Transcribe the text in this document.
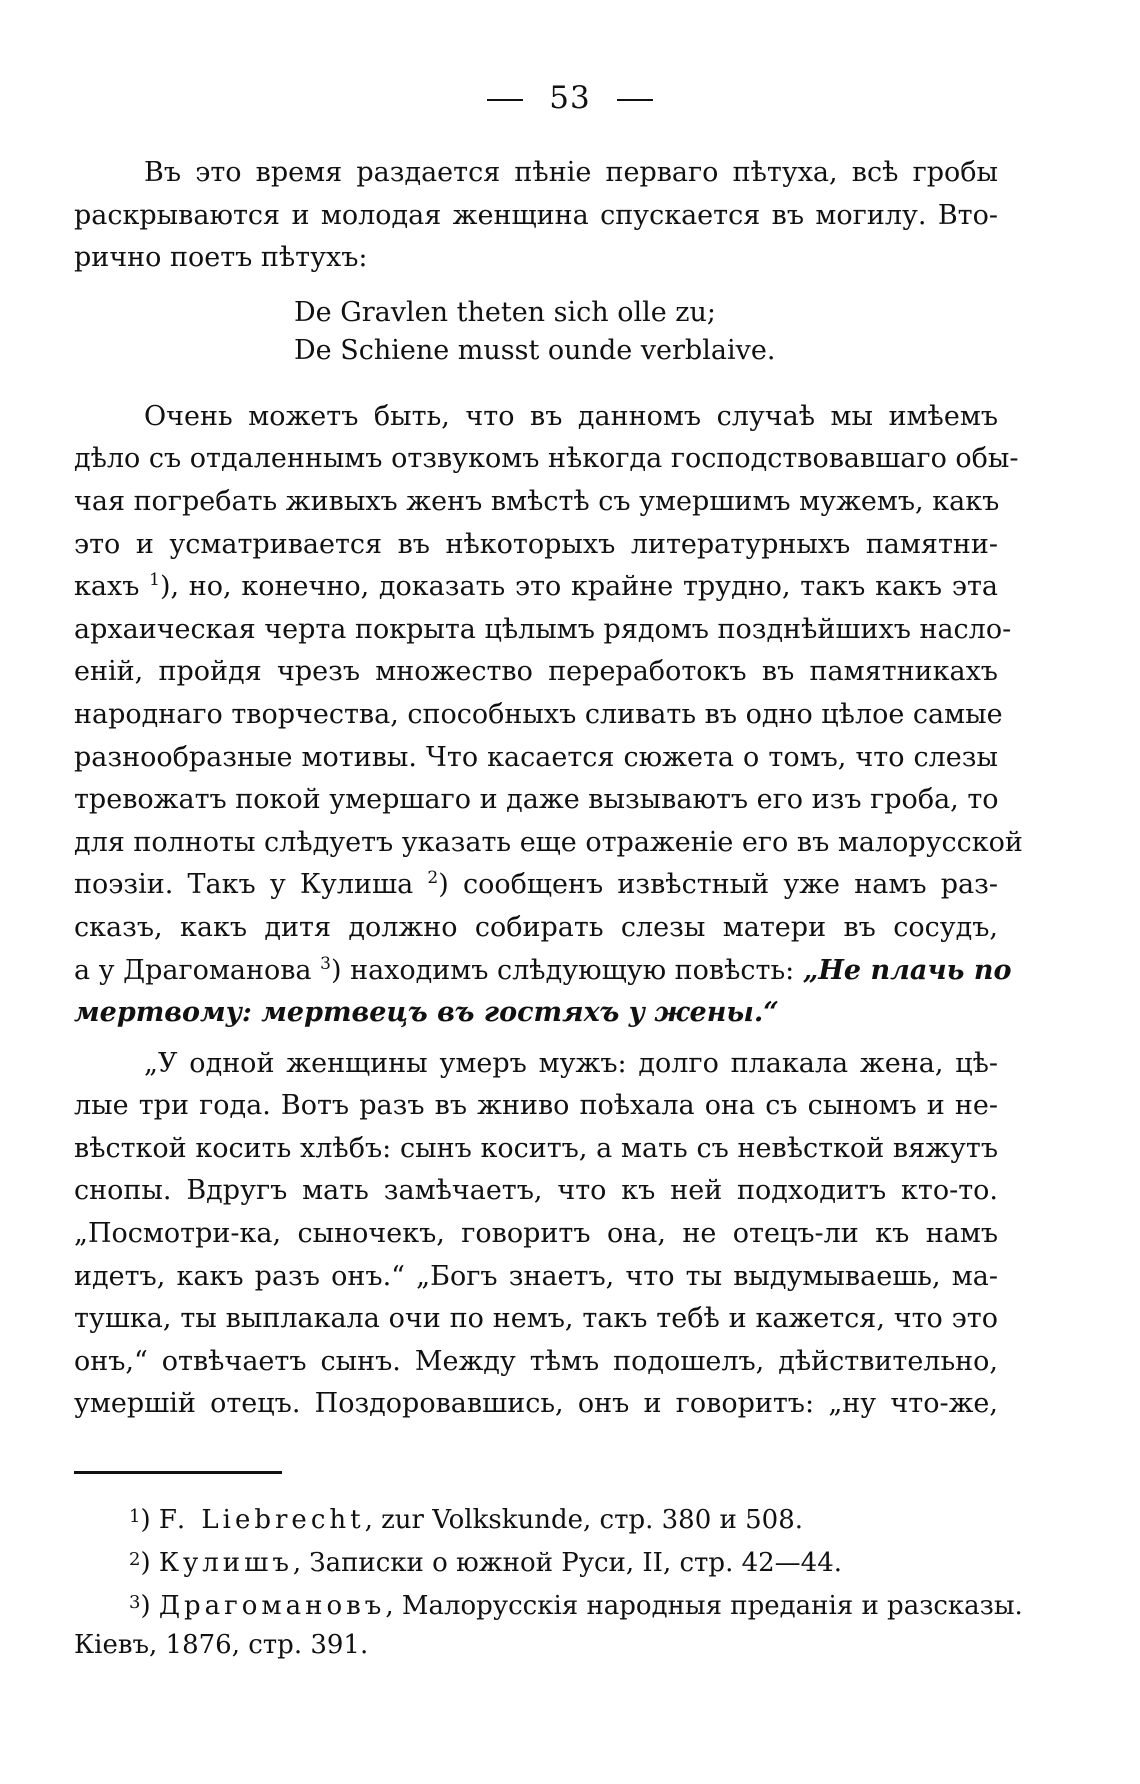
53
Въ это время раздается пѣніе перваго пѣтуха, всѣ гробы
раскрываются и молодая женщина спускается въ могилу. Вто-
рично поетъ пѣтухъ:
De Gravlen theten sich olle zu;
De Schiene musst ounde verblaive.
Очень можетъ быть, что въ данномъ случаѣ мы имѣемъ
дѣло съ отдаленнымъ отзвукомъ нѣкогда господствовавшаго обы-
чая погребать живыхъ женъ вмѣстѣ съ умершимъ мужемъ, какъ
это и усматривается въ нѣкоторыхъ литературныхъ памятни-
кахъ $^1$), но, конечно, доказать это крайне трудно, такъ какъ эта
архаическая черта покрыта цѣлымъ рядомъ позднѣйшихъ насло-
еній, пройдя чрезъ множество переработокъ въ памятникахъ
народнаго творчества, способныхъ сливать въ одно цѣлое самые
разнообразные мотивы. Что касается сюжета о томъ, что слезы
тревожатъ покой умершаго и даже вызываютъ его изъ гроба, то
для полноты слѣдуетъ указать еще отраженіе его въ малорусской
поэзіи. Такъ у Кулиша $^2$) сообщенъ извѣстный уже намъ раз-
сказъ, какъ дитя должно собирать слезы матери въ сосудъ,
а у Драгоманова $^3$) находимъ слѣдующую повѣсть: „Не плачь по
мертвому: мертвецъ въ гостяхъ у жены.“
„У одной женщины умеръ мужъ: долго плакала жена, цѣ-
лые три года. Вотъ разъ въ жниво поѣхала она съ сыномъ и не-
вѣсткой косить хлѣбъ: сынъ коситъ, а мать съ невѣсткой вяжутъ
снопы. Вдругъ мать замѣчаетъ, что къ ней подходитъ кто-то.
„Посмотри-ка, сыночекъ, говоритъ она, не отецъ-ли къ намъ
идетъ, какъ разъ онъ.“ „Богъ знаетъ, что ты выдумываешь, ма-
тушка, ты выплакала очи по немъ, такъ тебѣ и кажется, что это
онъ,“ отвѣчаетъ сынъ. Между тѣмъ подошелъ, дѣйствительно,
умершій отецъ. Поздоровавшись, онъ и говоритъ: „ну что-же,
$^1$) F. Liebrecht, zur Volkskunde, стр. 380 и 508.
$^2$) Кулишъ, Записки о южной Руси, II, стр. 42—44.
$^3$) Драгомановъ, Малорусскія народныя преданія и разсказы.
Кіевъ, 1876, стр. 391.
